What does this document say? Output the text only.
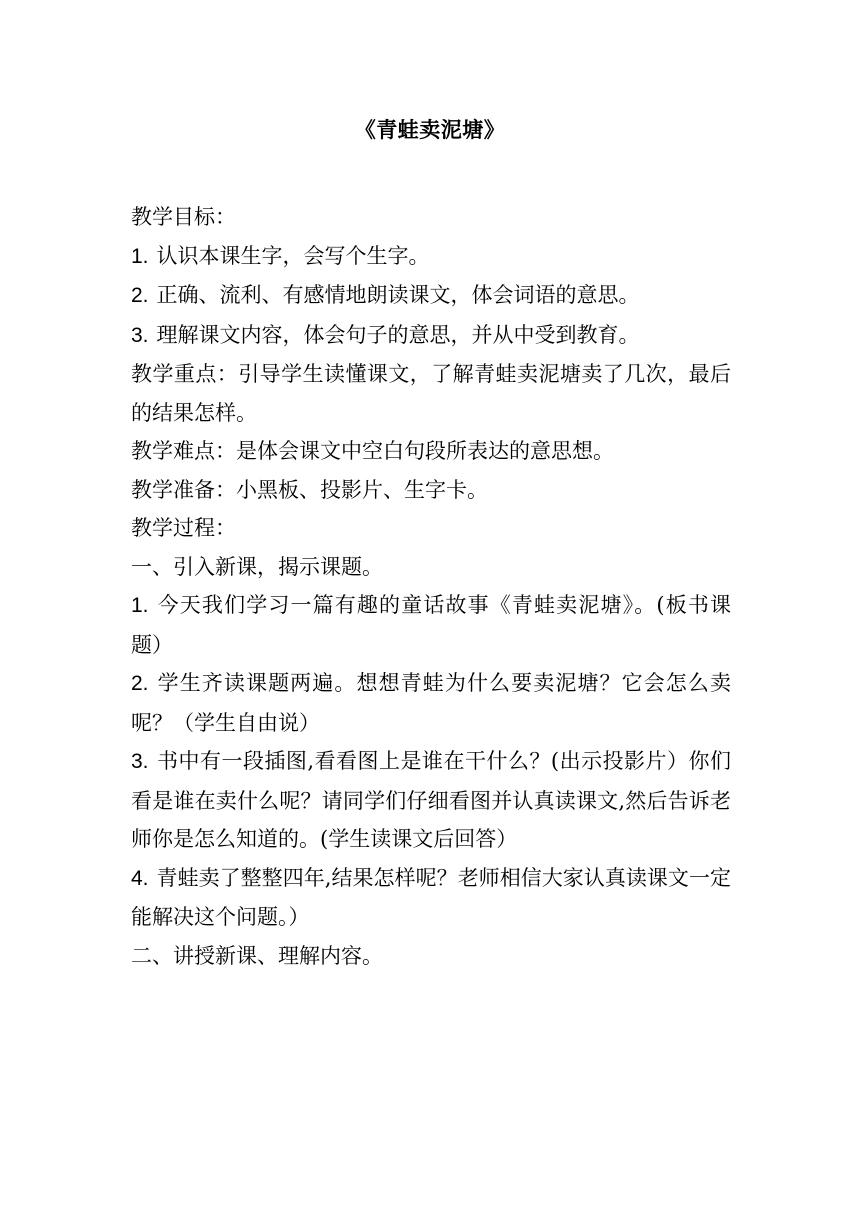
《青蛙卖泥塘》

教学目标：

1. 认识本课生字，会写个生字。

2. 正确、流利、有感情地朗读课文，体会词语的意思。

3. 理解课文内容，体会句子的意思，并从中受到教育。

教学重点：引导学生读懂课文，了解青蛙卖泥塘卖了几次，最后的结果怎样。

教学难点：是体会课文中空白句段所表达的意思想。

教学准备：小黑板、投影片、生字卡。

教学过程：

一、引入新课，揭示课题。

1. 今天我们学习一篇有趣的童话故事《青蛙卖泥塘》。(板书课题）

2. 学生齐读课题两遍。想想青蛙为什么要卖泥塘？它会怎么卖呢？（学生自由说）

3. 书中有一段插图,看看图上是谁在干什么？(出示投影片）你们看是谁在卖什么呢？请同学们仔细看图并认真读课文,然后告诉老师你是怎么知道的。(学生读课文后回答）

4. 青蛙卖了整整四年,结果怎样呢？老师相信大家认真读课文一定能解决这个问题。）

二、讲授新课、理解内容。
